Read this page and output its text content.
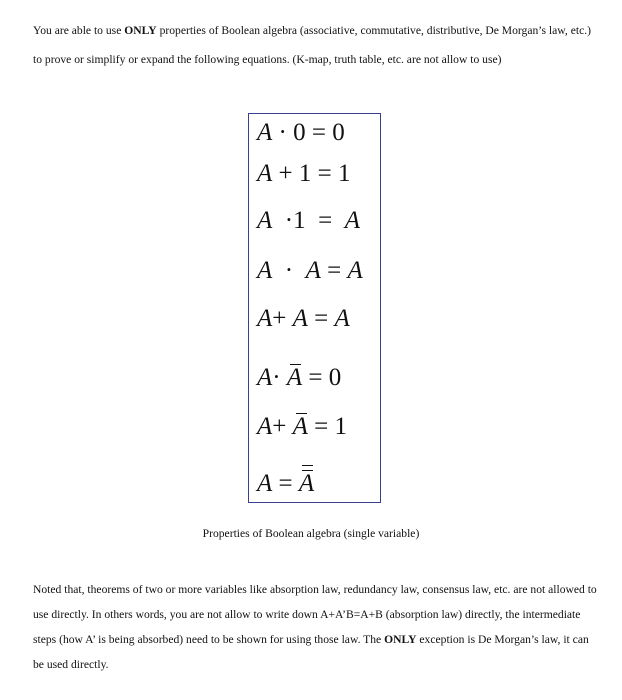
You are able to use ONLY properties of Boolean algebra (associative, commutative, distributive, De Morgan’s law, etc.) to prove or simplify or expand the following equations. (K-map, truth table, etc. are not allow to use)

A · 0 = 0
A + 1 = 1
A ·1 = A
A · A = A
A+ A = A
A· A = 0
A+ A = 1
A = A
Properties of Boolean algebra (single variable)

Noted that, theorems of two or more variables like absorption law, redundancy law, consensus law, etc. are not allowed to use directly. In others words, you are not allow to write down A+A’B=A+B (absorption law) directly, the intermediate steps (how A’ is being absorbed) need to be shown for using those law. The ONLY exception is De Morgan’s law, it can be used directly.
